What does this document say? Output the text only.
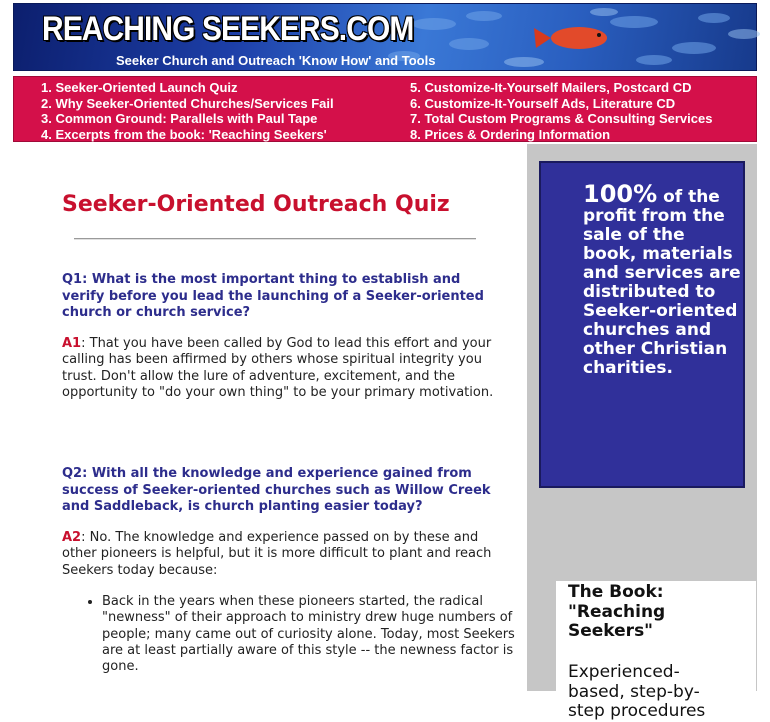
REACHING SEEKERS.COM
Seeker Church and Outreach 'Know How' and Tools
1. Seeker-Oriented Launch Quiz
2. Why Seeker-Oriented Churches/Services Fail
3. Common Ground: Parallels with Paul Tape
4. Excerpts from the book: 'Reaching Seekers'
5. Customize-It-Yourself Mailers, Postcard CD
6. Customize-It-Yourself Ads, Literature CD
7. Total Custom Programs & Consulting Services
8. Prices & Ordering Information
Seeker-Oriented Outreach Quiz
Q1: What is the most important thing to establish and verify before you lead the launching of a Seeker-oriented church or church service?
A1: That you have been called by God to lead this effort and your calling has been affirmed by others whose spiritual integrity you trust. Don't allow the lure of adventure, excitement, and the opportunity to "do your own thing" to be your primary motivation.
Q2: With all the knowledge and experience gained from success of Seeker-oriented churches such as Willow Creek and Saddleback, is church planting easier today?
A2: No. The knowledge and experience passed on by these and other pioneers is helpful, but it is more difficult to plant and reach Seekers today because:
• Back in the years when these pioneers started, the radical "newness" of their approach to ministry drew huge numbers of people; many came out of curiosity alone. Today, most Seekers are at least partially aware of this style -- the newness factor is gone.
100% of the profit from the sale of the book, materials and services are distributed to Seeker-oriented churches and other Christian charities.
The Book: "Reaching Seekers"
Experienced-based, step-by-step procedures
